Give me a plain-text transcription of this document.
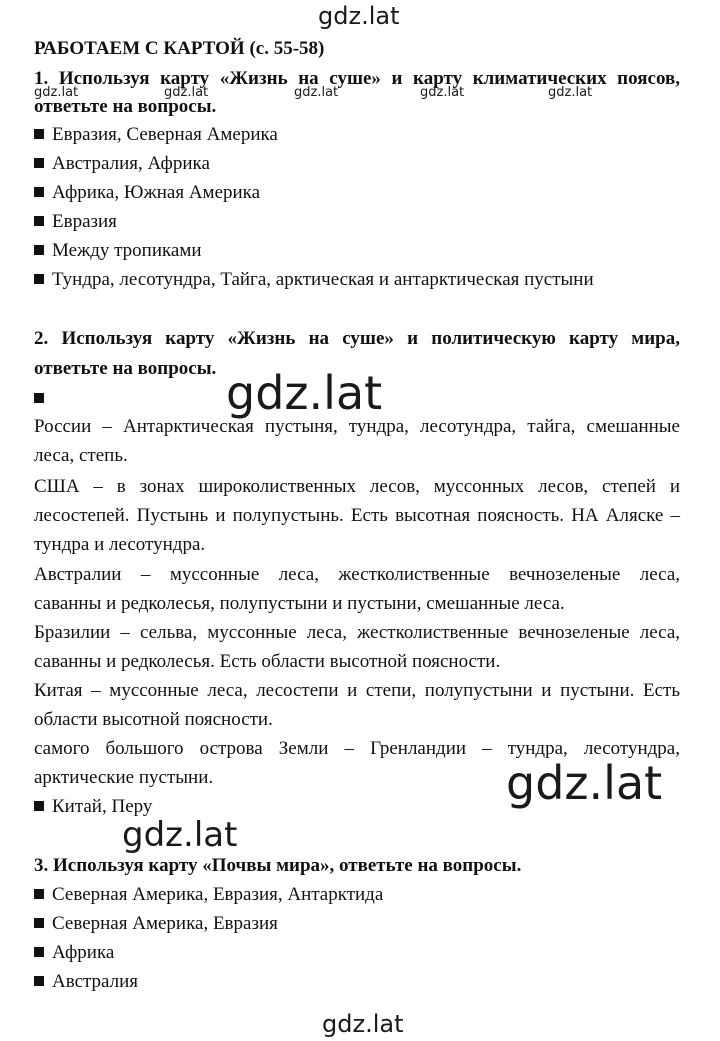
gdz.lat
gdz.lat	gdz.lat	gdz.lat	gdz.lat	gdz.lat
РАБОТАЕМ С КАРТОЙ (с. 55-58)
1. Используя карту «Жизнь на суше» и карту климатических поясов,
ответьте на вопросы.
Евразия, Северная Америка
Австралия, Африка
Африка, Южная Америка
Евразия
Между тропиками
Тундра, лесотундра, Тайга, арктическая и антарктическая пустыни
2. Используя карту «Жизнь на суше» и политическую карту мира,
ответьте на вопросы.
России – Антарктическая пустыня, тундра, лесотундра, тайга, смешанные
леса, степь.
США – в зонах широколиственных лесов, муссонных лесов, степей и
лесостепей. Пустынь и полупустынь. Есть высотная поясность. НА Аляске –
тундра и лесотундра.
Австралии – муссонные леса, жестколиственные вечнозеленые леса,
саванны и редколесья, полупустыни и пустыни, смешанные леса.
Бразилии – сельва, муссонные леса, жестколиственные вечнозеленые леса,
саванны и редколесья. Есть области высотной поясности.
Китая – муссонные леса, лесостепи и степи, полупустыни и пустыни. Есть
области высотной поясности.
самого большого острова Земли – Гренландии – тундра, лесотундра,
арктические пустыни.
Китай, Перу
3. Используя карту «Почвы мира», ответьте на вопросы.
Северная Америка, Евразия, Антарктида
Северная Америка, Евразия
Африка
Австралия
gdz.lat
gdz.lat
gdz.lat
gdz.lat
